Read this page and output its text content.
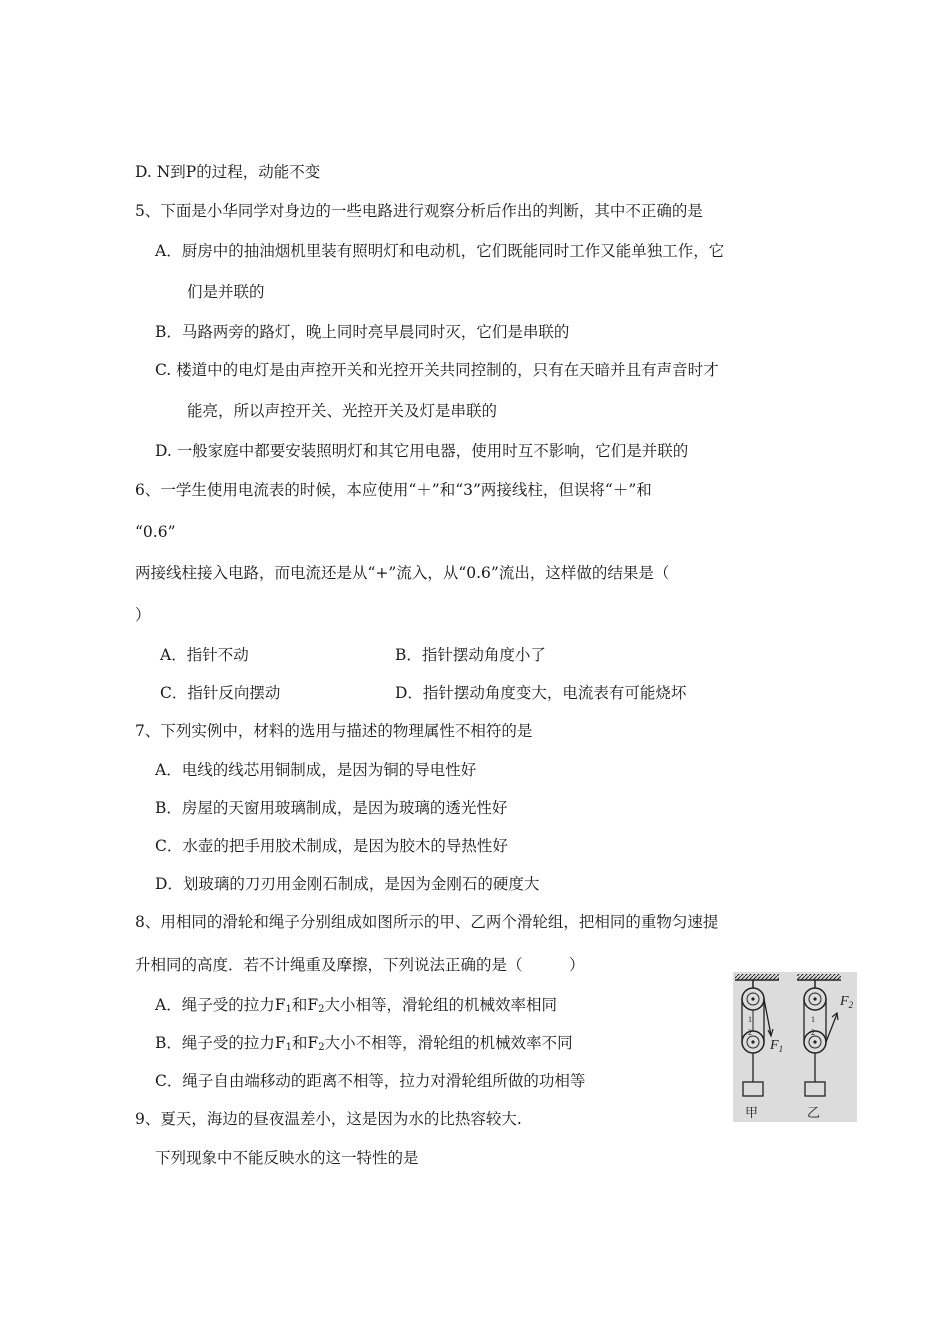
D. N到P的过程，动能不变
5、下面是小华同学对身边的一些电路进行观察分析后作出的判断，其中不正确的是
A．厨房中的抽油烟机里装有照明灯和电动机，它们既能同时工作又能单独工作，它
们是并联的
B．马路两旁的路灯，晚上同时亮早晨同时灭，它们是串联的
C. 楼道中的电灯是由声控开关和光控开关共同控制的，只有在天暗并且有声音时才
能亮，所以声控开关、光控开关及灯是串联的
D. 一般家庭中都要安装照明灯和其它用电器，使用时互不影响，它们是并联的
6、一学生使用电流表的时候，本应使用“＋”和“3”两接线柱，但误将“＋”和
“0.6”
两接线柱接入电路，而电流还是从“+”流入，从“0.6”流出，这样做的结果是（
）
A．指针不动	B．指针摆动角度小了
C．指针反向摆动	D．指针摆动角度变大，电流表有可能烧坏
7、下列实例中，材料的选用与描述的物理属性不相符的是
A．电线的线芯用铜制成，是因为铜的导电性好
B．房屋的天窗用玻璃制成，是因为玻璃的透光性好
C．水壶的把手用胶术制成，是因为胶木的导热性好
D．划玻璃的刀刃用金刚石制成，是因为金刚石的硬度大
8、用相同的滑轮和绳子分别组成如图所示的甲、乙两个滑轮组，把相同的重物匀速提
升相同的高度．若不计绳重及摩擦，下列说法正确的是（　　　）
A．绳子受的拉力$F_1$和$F_2$大小相等，滑轮组的机械效率相同
B．绳子受的拉力$F_1$和$F_2$大小不相等，滑轮组的机械效率不同
C．绳子自由端移动的距离不相等，拉力对滑轮组所做的功相等
9、夏天，海边的昼夜温差小，这是因为水的比热容较大.
下列现象中不能反映水的这一特性的是
1
2
1
2
$F_1$
$F_2$
甲	乙
